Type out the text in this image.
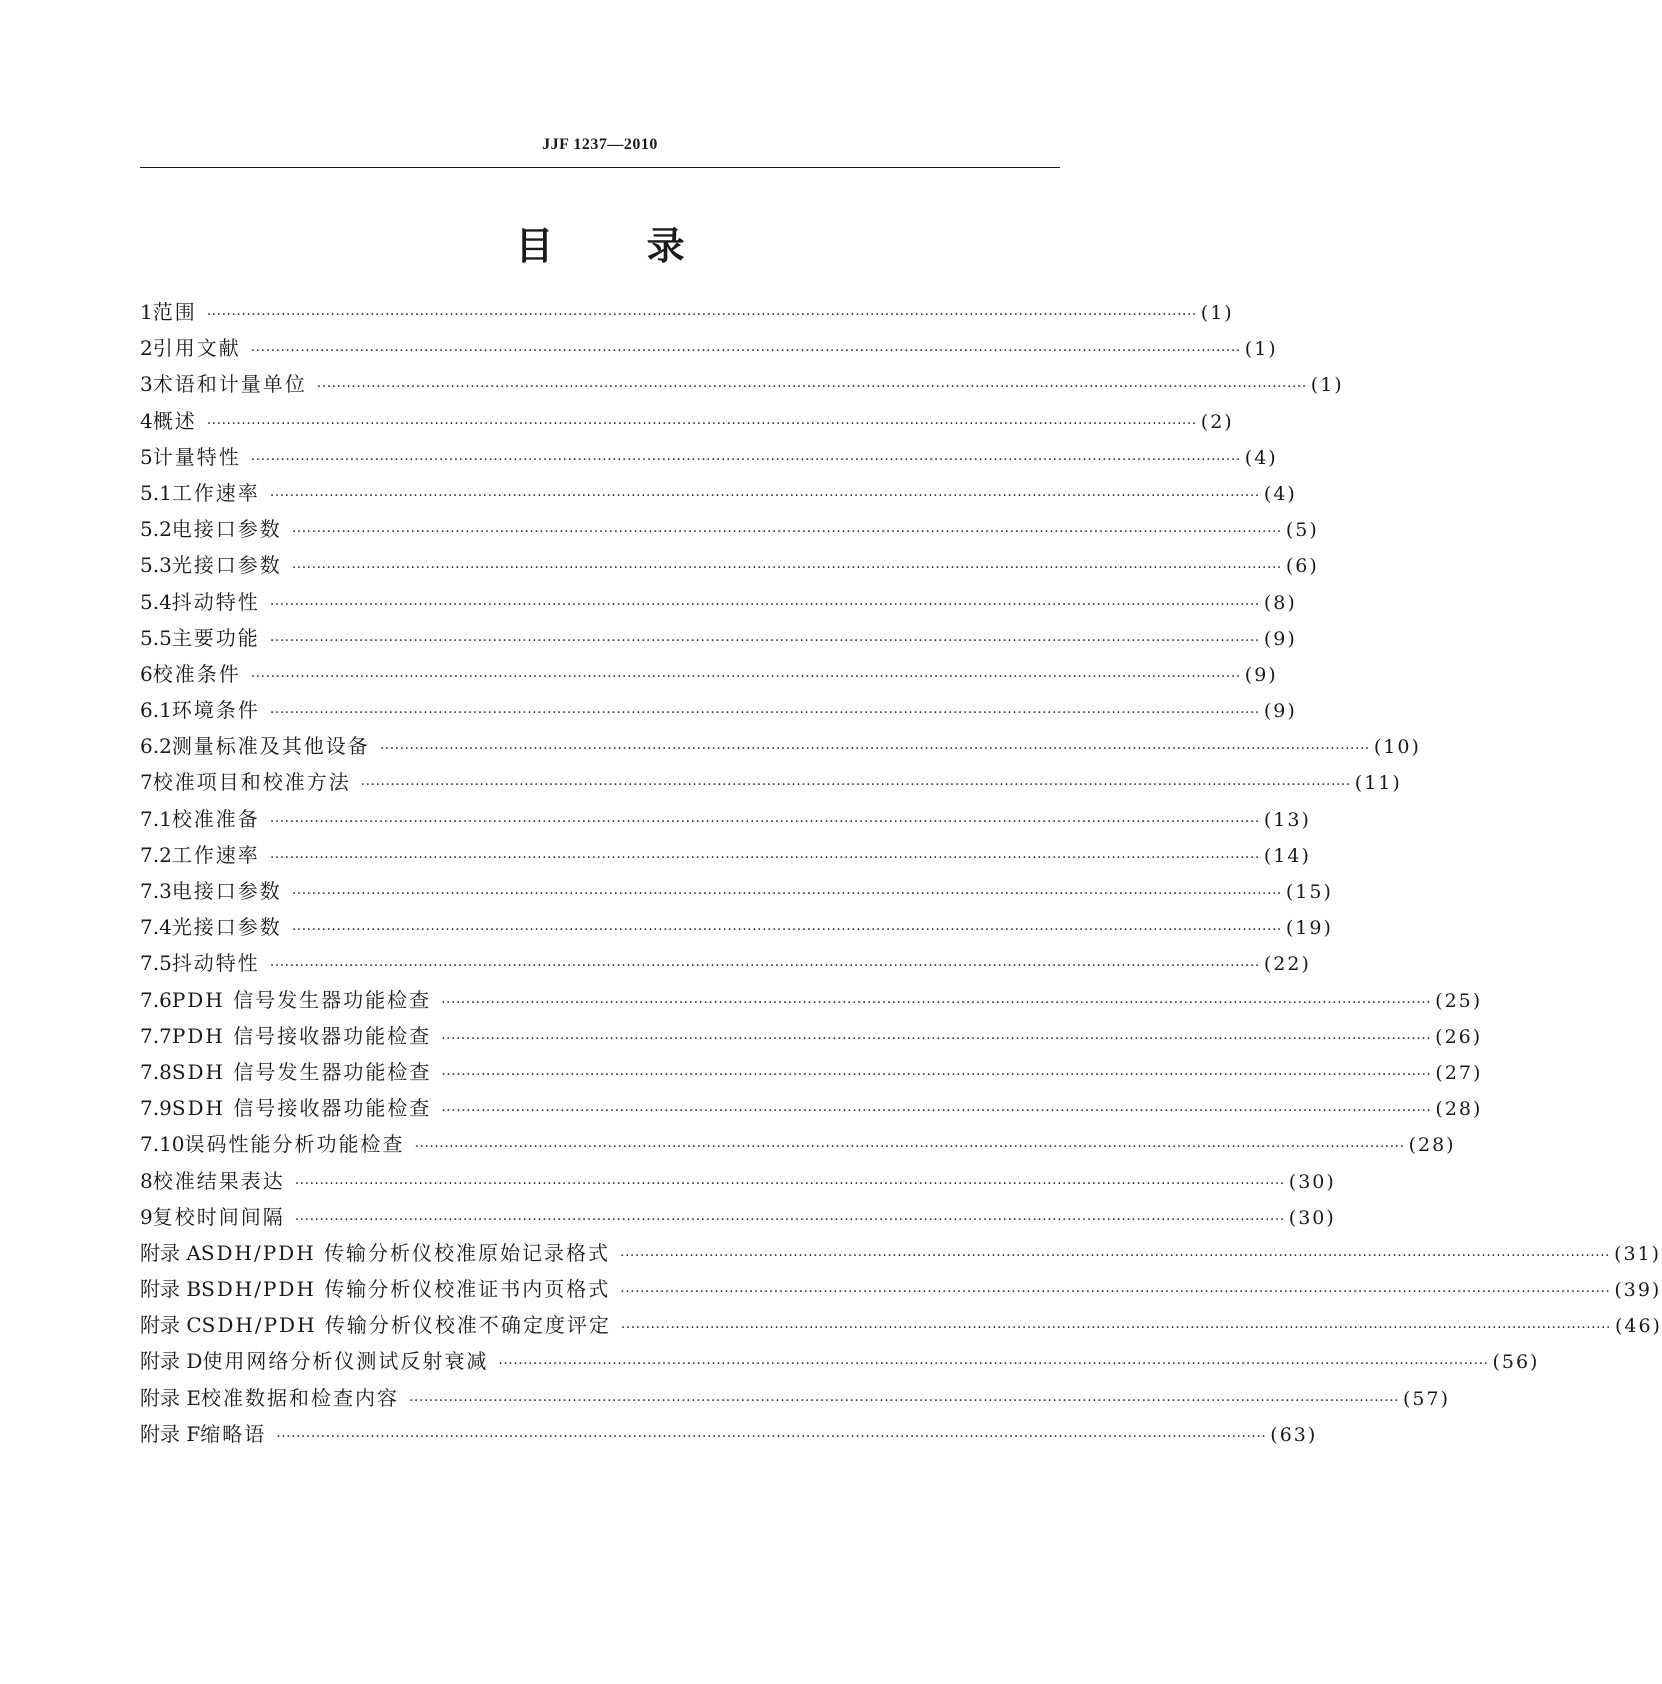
JJF 1237—2010
目 录
1 范围 ········································································································································································································ (1)
2 引用文献 ········································································································································································································ (1)
3 术语和计量单位 ········································································································································································································ (1)
4 概述 ········································································································································································································ (2)
5 计量特性 ········································································································································································································ (4)
5.1 工作速率 ········································································································································································································ (4)
5.2 电接口参数 ········································································································································································································ (5)
5.3 光接口参数 ········································································································································································································ (6)
5.4 抖动特性 ········································································································································································································ (8)
5.5 主要功能 ········································································································································································································ (9)
6 校准条件 ········································································································································································································ (9)
6.1 环境条件 ········································································································································································································ (9)
6.2 测量标准及其他设备 ········································································································································································································ (10)
7 校准项目和校准方法 ········································································································································································································ (11)
7.1 校准准备 ········································································································································································································ (13)
7.2 工作速率 ········································································································································································································ (14)
7.3 电接口参数 ········································································································································································································ (15)
7.4 光接口参数 ········································································································································································································ (19)
7.5 抖动特性 ········································································································································································································ (22)
7.6 PDH 信号发生器功能检查 ········································································································································································································ (25)
7.7 PDH 信号接收器功能检查 ········································································································································································································ (26)
7.8 SDH 信号发生器功能检查 ········································································································································································································ (27)
7.9 SDH 信号接收器功能检查 ········································································································································································································ (28)
7.10 误码性能分析功能检查 ········································································································································································································ (28)
8 校准结果表达 ········································································································································································································ (30)
9 复校时间间隔 ········································································································································································································ (30)
附录 A SDH/PDH 传输分析仪校准原始记录格式 ········································································································································································································ (31)
附录 B SDH/PDH 传输分析仪校准证书内页格式 ········································································································································································································ (39)
附录 C SDH/PDH 传输分析仪校准不确定度评定 ········································································································································································································ (46)
附录 D 使用网络分析仪测试反射衰减 ········································································································································································································ (56)
附录 E 校准数据和检查内容 ········································································································································································································ (57)
附录 F 缩略语 ········································································································································································································ (63)
